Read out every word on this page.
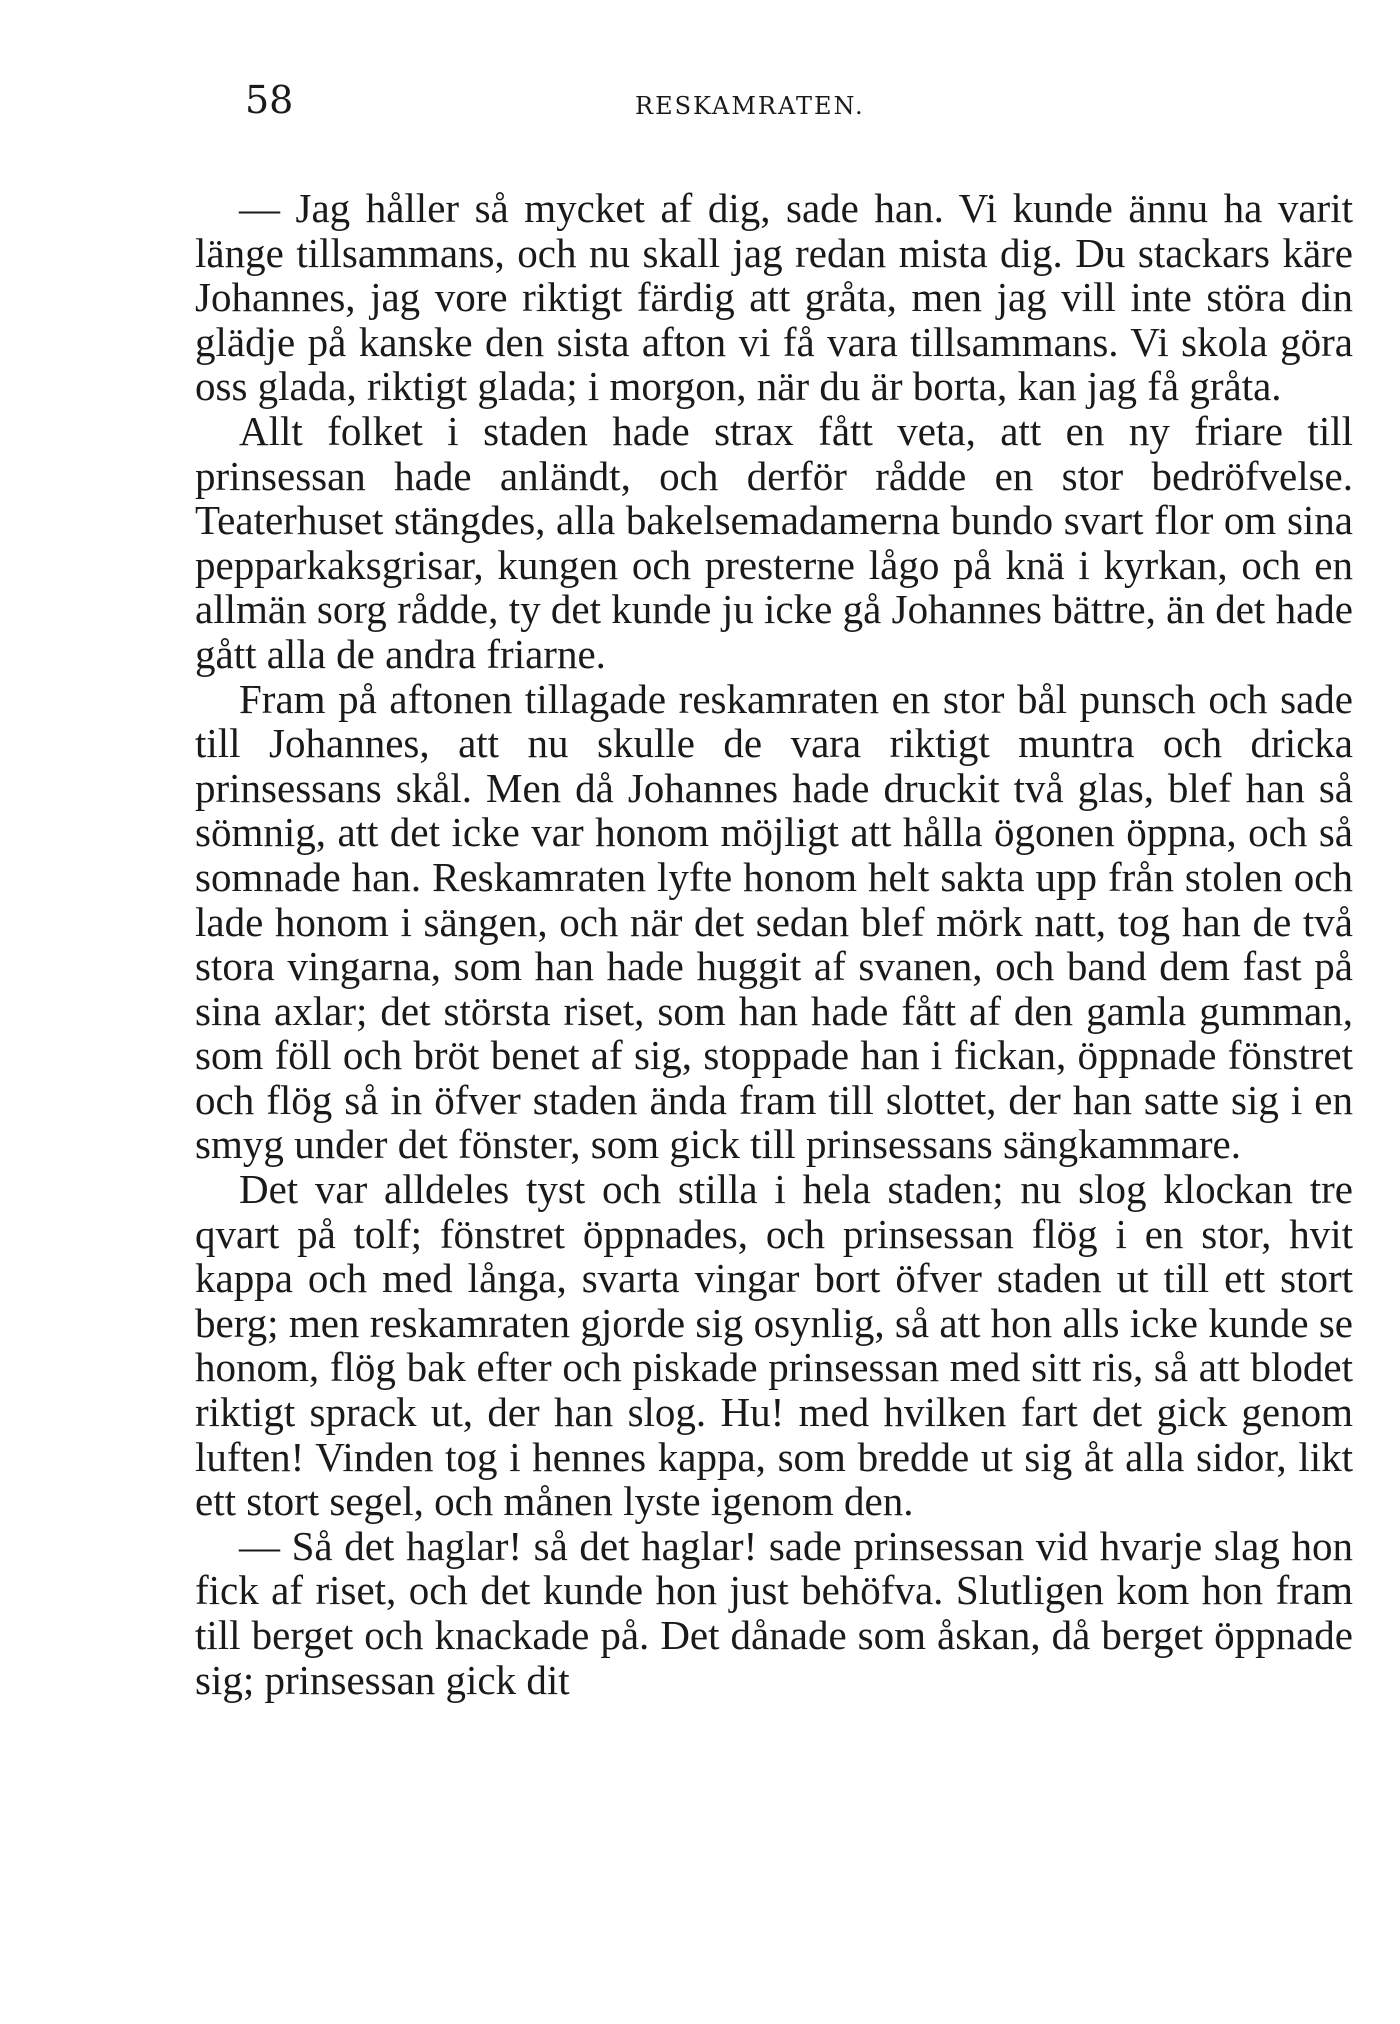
58	RESKAMRATEN.

— Jag håller så mycket af dig, sade han. Vi kunde ännu ha varit länge tillsammans, och nu skall jag redan mista dig. Du stackars käre Johannes, jag vore riktigt färdig att gråta, men jag vill inte störa din glädje på kanske den sista afton vi få vara tillsammans. Vi skola göra oss glada, riktigt glada; i morgon, när du är borta, kan jag få gråta.

Allt folket i staden hade strax fått veta, att en ny friare till prinsessan hade anländt, och derför rådde en stor bedröfvelse. Teaterhuset stängdes, alla bakelsemadamerna bundo svart flor om sina pepparkaksgrisar, kungen och presterne lågo på knä i kyrkan, och en allmän sorg rådde, ty det kunde ju icke gå Johannes bättre, än det hade gått alla de andra friarne.

Fram på aftonen tillagade reskamraten en stor bål punsch och sade till Johannes, att nu skulle de vara riktigt muntra och dricka prinsessans skål. Men då Johannes hade druckit två glas, blef han så sömnig, att det icke var honom möjligt att hålla ögonen öppna, och så somnade han. Reskamraten lyfte honom helt sakta upp från stolen och lade honom i sängen, och när det sedan blef mörk natt, tog han de två stora vingarna, som han hade huggit af svanen, och band dem fast på sina axlar; det största riset, som han hade fått af den gamla gumman, som föll och bröt benet af sig, stoppade han i fickan, öppnade fönstret och flög så in öfver staden ända fram till slottet, der han satte sig i en smyg under det fönster, som gick till prinsessans sängkammare.

Det var alldeles tyst och stilla i hela staden; nu slog klockan tre qvart på tolf; fönstret öppnades, och prinsessan flög i en stor, hvit kappa och med långa, svarta vingar bort öfver staden ut till ett stort berg; men reskamraten gjorde sig osynlig, så att hon alls icke kunde se honom, flög bak efter och piskade prinsessan med sitt ris, så att blodet riktigt sprack ut, der han slog. Hu! med hvilken fart det gick genom luften! Vinden tog i hennes kappa, som bredde ut sig åt alla sidor, likt ett stort segel, och månen lyste igenom den.

— Så det haglar! så det haglar! sade prinsessan vid hvarje slag hon fick af riset, och det kunde hon just behöfva. Slutligen kom hon fram till berget och knackade på. Det dånade som åskan, då berget öppnade sig; prinsessan gick dit
